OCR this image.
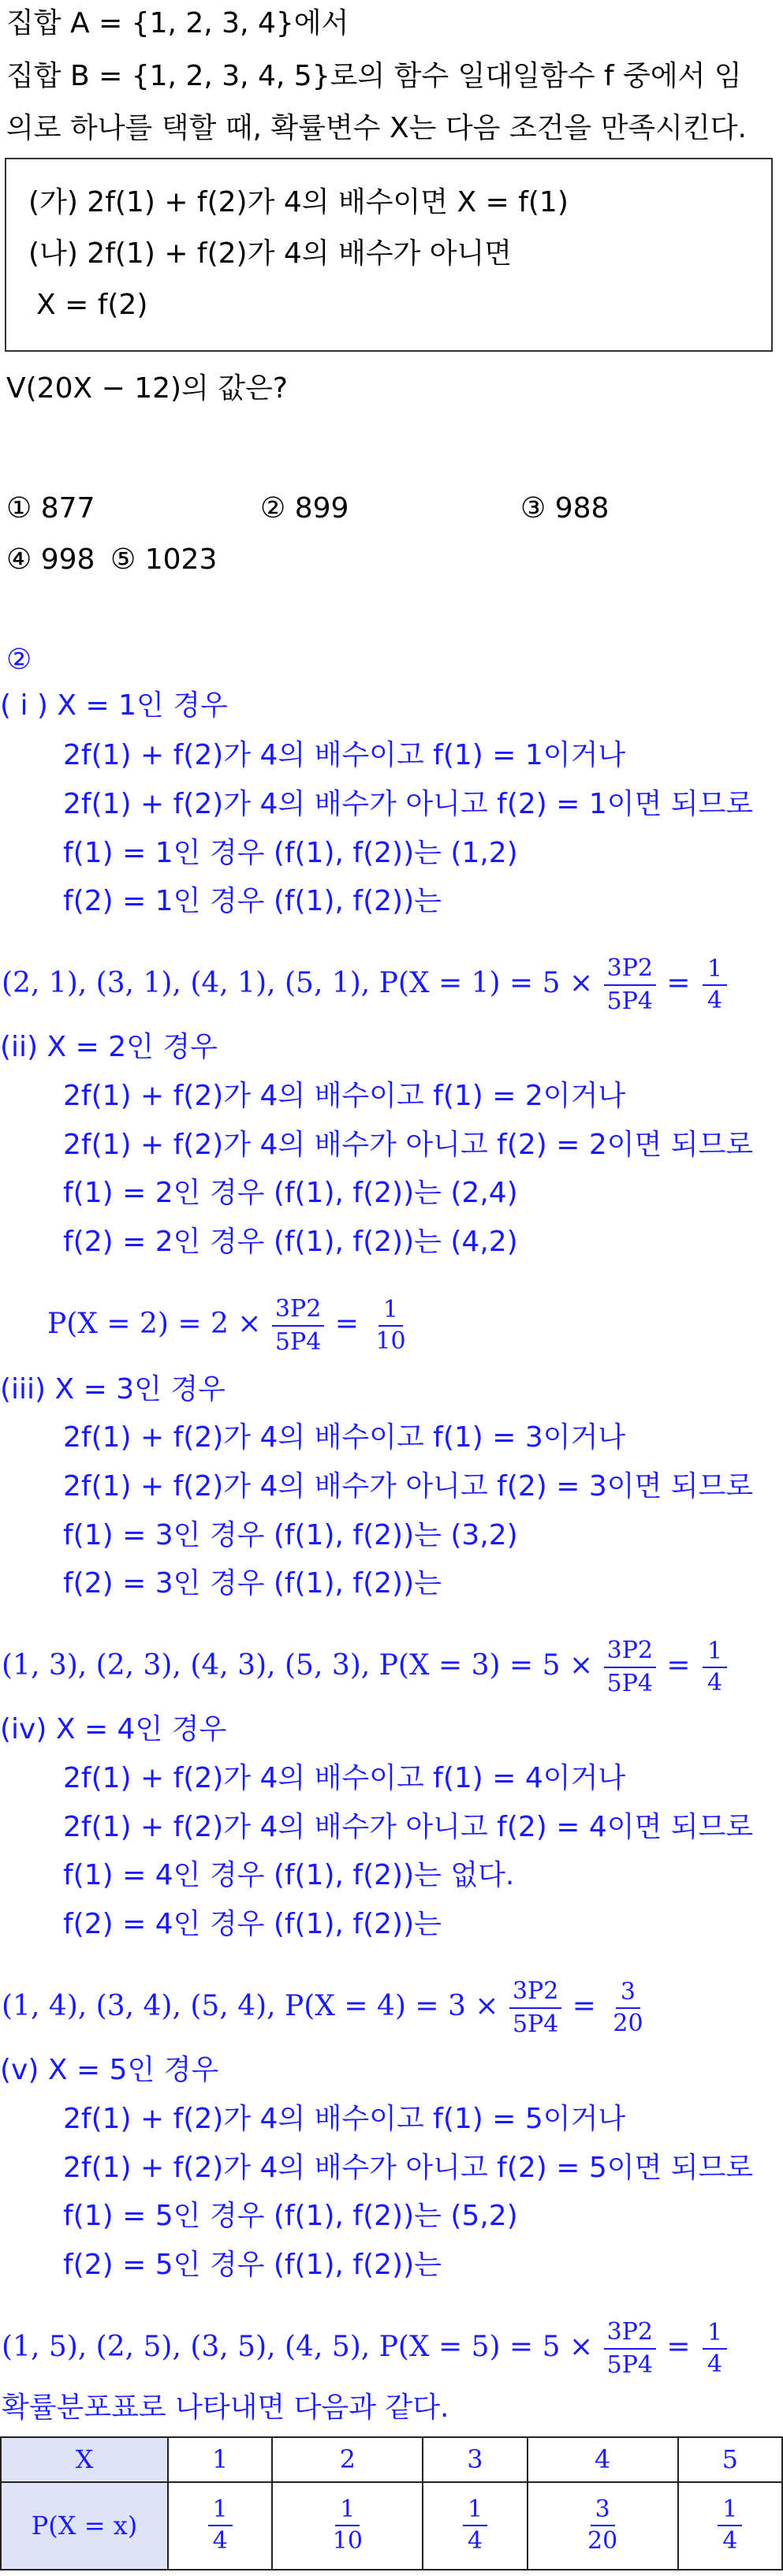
집합 A = {1, 2, 3, 4}에서
집합 B = {1, 2, 3, 4, 5}로의 함수 일대일함수 f 중에서 임
의로 하나를 택할 때, 확률변수 X는 다음 조건을 만족시킨다.
(가) 2f(1) + f(2)가 4의 배수이면 X = f(1)
(나) 2f(1) + f(2)가 4의 배수가 아니면
X = f(2)
V(20X − 12)의 값은?
① 877	② 899	③ 988
④ 998 ⑤ 1023
②
( i ) X = 1인 경우
2f(1) + f(2)가 4의 배수이고 f(1) = 1이거나
2f(1) + f(2)가 4의 배수가 아니고 f(2) = 1이면 되므로
f(1) = 1인 경우 (f(1), f(2))는 (1,2)
f(2) = 1인 경우 (f(1), f(2))는
(2, 1), (3, 1), (4, 1), (5, 1), $P(X = 1) = 5 \times \frac{3P2}{5P4} = \frac{1}{4}$
(ii) X = 2인 경우
2f(1) + f(2)가 4의 배수이고 f(1) = 2이거나
2f(1) + f(2)가 4의 배수가 아니고 f(2) = 2이면 되므로
f(1) = 2인 경우 (f(1), f(2))는 (2,4)
f(2) = 2인 경우 (f(1), f(2))는 (4,2)
$P(X = 2) = 2 \times \frac{3P2}{5P4} = \frac{1}{10}$
(iii) X = 3인 경우
2f(1) + f(2)가 4의 배수이고 f(1) = 3이거나
2f(1) + f(2)가 4의 배수가 아니고 f(2) = 3이면 되므로
f(1) = 3인 경우 (f(1), f(2))는 (3,2)
f(2) = 3인 경우 (f(1), f(2))는
(1, 3), (2, 3), (4, 3), (5, 3), $P(X = 3) = 5 \times \frac{3P2}{5P4} = \frac{1}{4}$
(iv) X = 4인 경우
2f(1) + f(2)가 4의 배수이고 f(1) = 4이거나
2f(1) + f(2)가 4의 배수가 아니고 f(2) = 4이면 되므로
f(1) = 4인 경우 (f(1), f(2))는 없다.
f(2) = 4인 경우 (f(1), f(2))는
(1, 4), (3, 4), (5, 4), $P(X = 4) = 3 \times \frac{3P2}{5P4} = \frac{3}{20}$
(v) X = 5인 경우
2f(1) + f(2)가 4의 배수이고 f(1) = 5이거나
2f(1) + f(2)가 4의 배수가 아니고 f(2) = 5이면 되므로
f(1) = 5인 경우 (f(1), f(2))는 (5,2)
f(2) = 5인 경우 (f(1), f(2))는
(1, 5), (2, 5), (3, 5), (4, 5), $P(X = 5) = 5 \times \frac{3P2}{5P4} = \frac{1}{4}$
확률분포표로 나타내면 다음과 같다.
X	1	2	3	4	5
P(X = x)	$\frac{1}{4}$	$\frac{1}{10}$	$\frac{1}{4}$	$\frac{3}{20}$	$\frac{1}{4}$
